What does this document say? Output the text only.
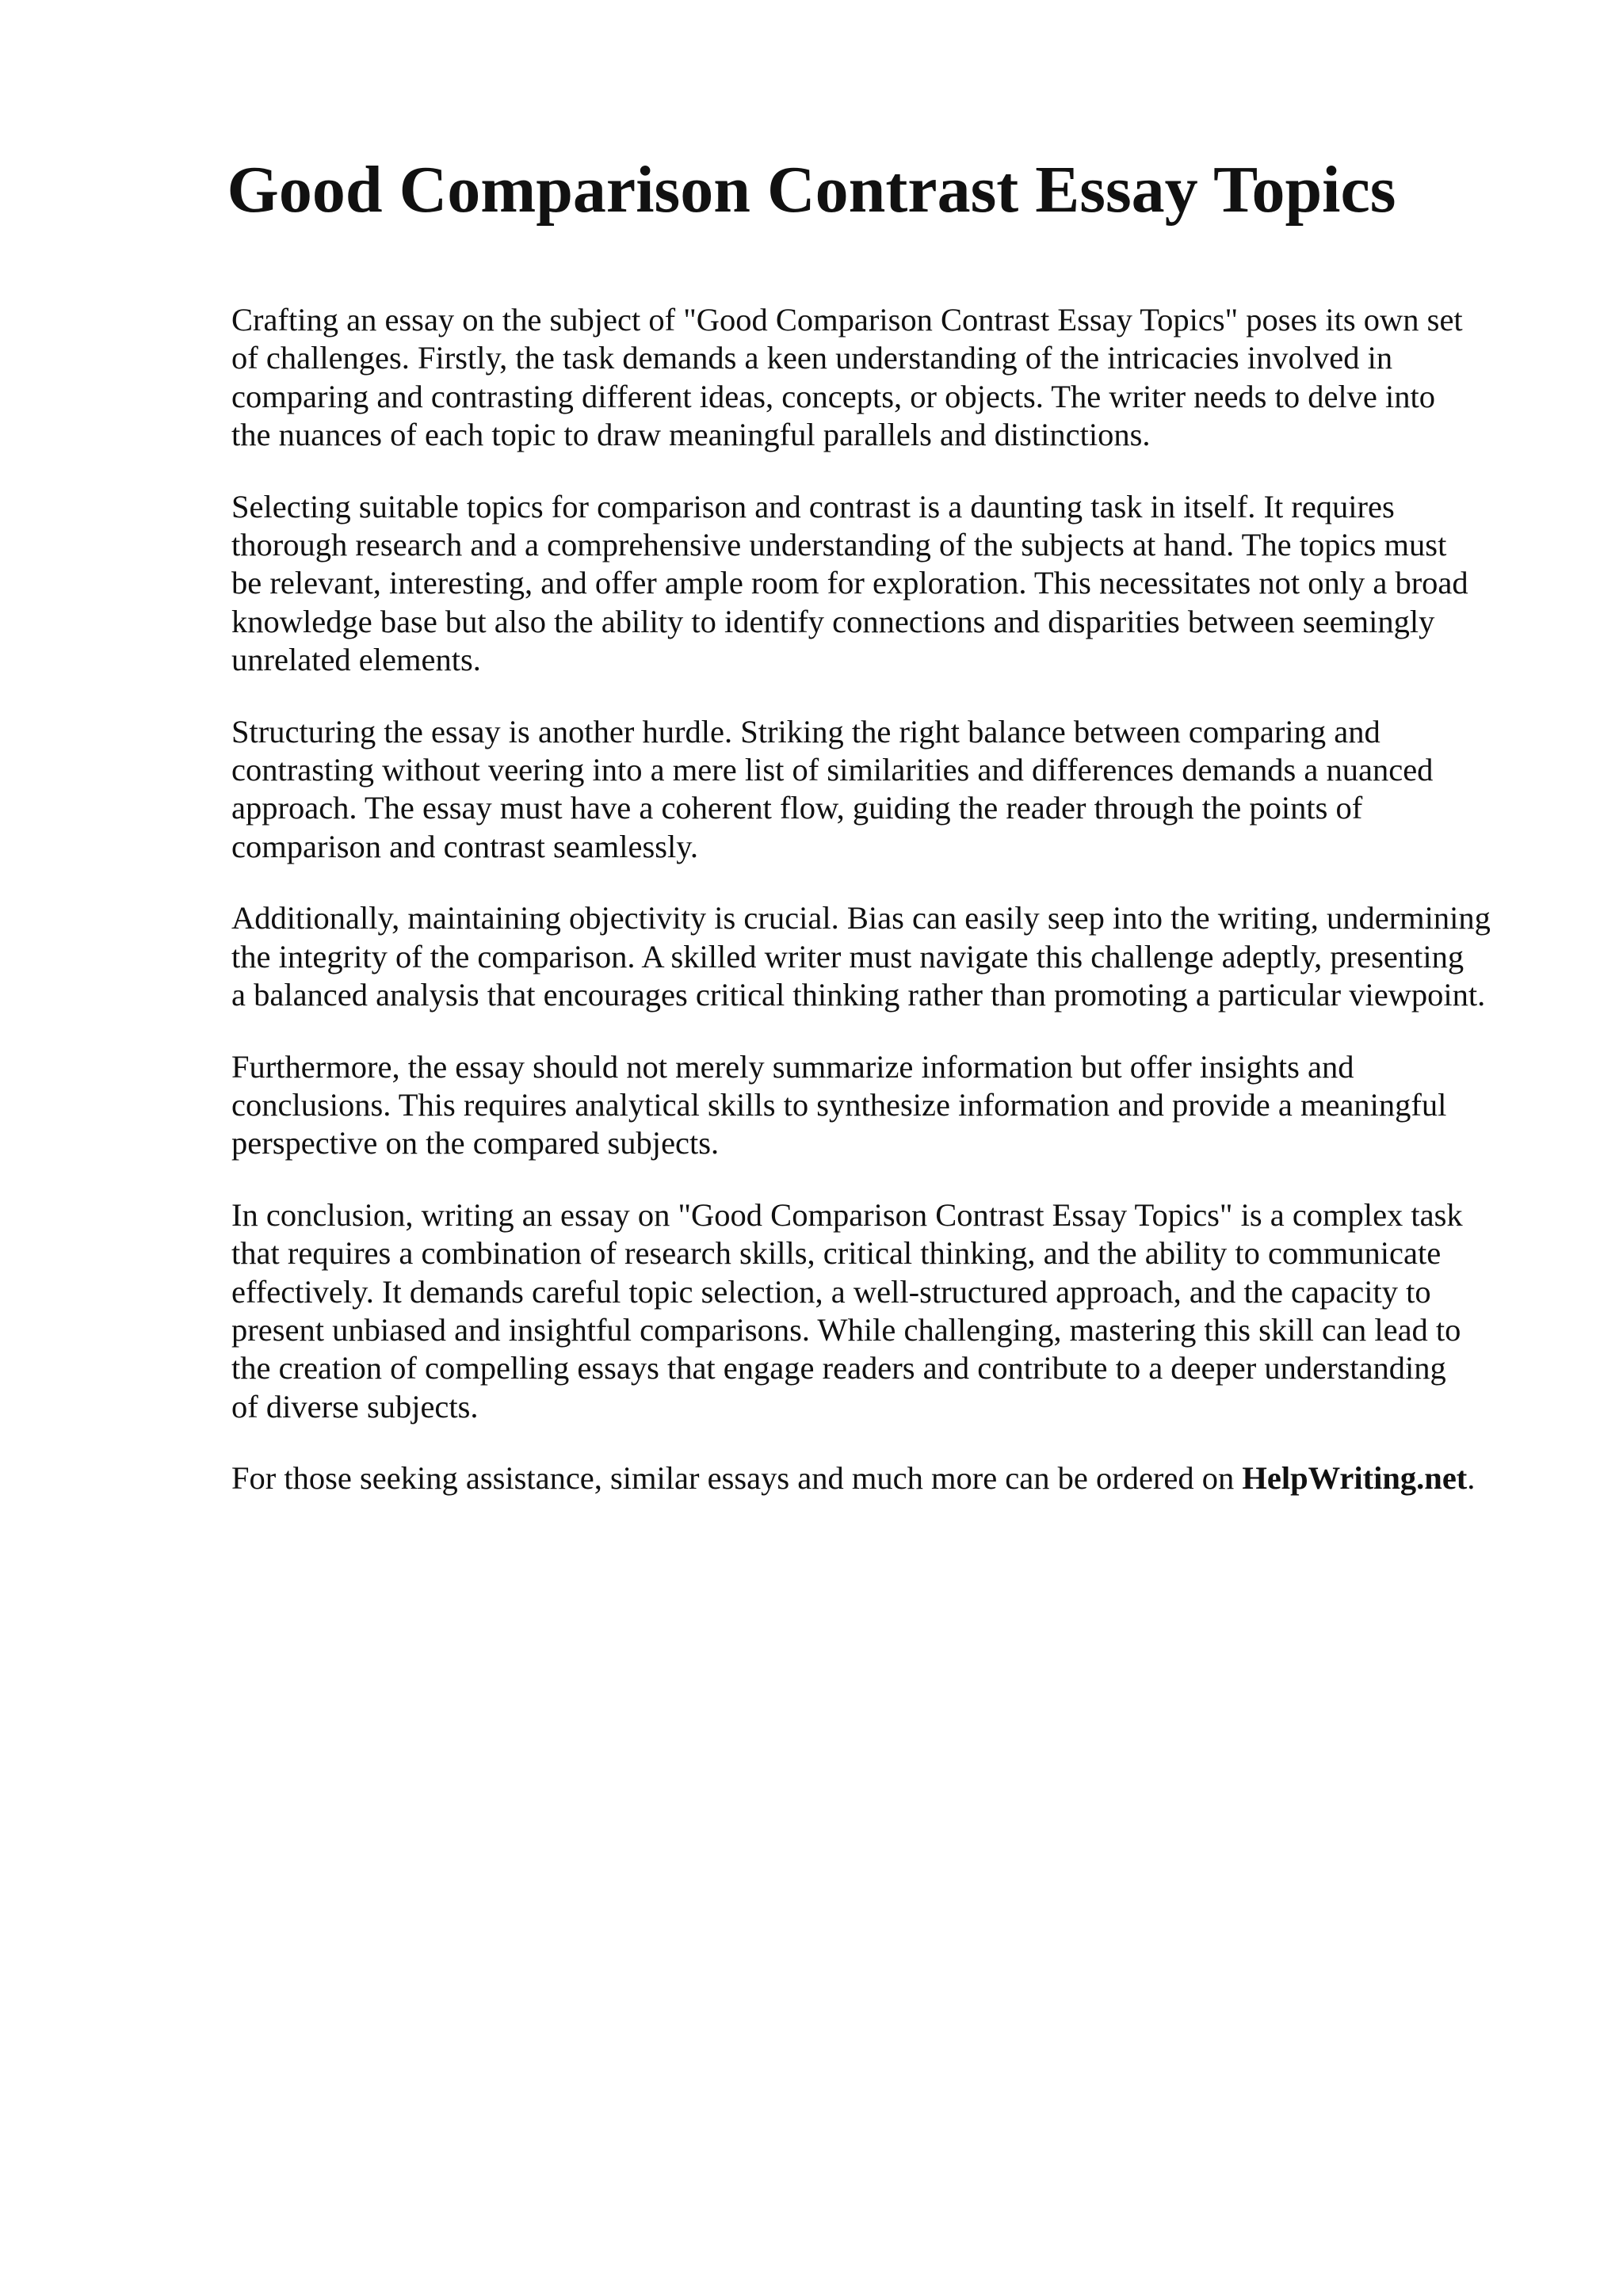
Good Comparison Contrast Essay Topics

Crafting an essay on the subject of "Good Comparison Contrast Essay Topics" poses its own set
of challenges. Firstly, the task demands a keen understanding of the intricacies involved in
comparing and contrasting different ideas, concepts, or objects. The writer needs to delve into
the nuances of each topic to draw meaningful parallels and distinctions.

Selecting suitable topics for comparison and contrast is a daunting task in itself. It requires
thorough research and a comprehensive understanding of the subjects at hand. The topics must
be relevant, interesting, and offer ample room for exploration. This necessitates not only a broad
knowledge base but also the ability to identify connections and disparities between seemingly
unrelated elements.

Structuring the essay is another hurdle. Striking the right balance between comparing and
contrasting without veering into a mere list of similarities and differences demands a nuanced
approach. The essay must have a coherent flow, guiding the reader through the points of
comparison and contrast seamlessly.

Additionally, maintaining objectivity is crucial. Bias can easily seep into the writing, undermining
the integrity of the comparison. A skilled writer must navigate this challenge adeptly, presenting
a balanced analysis that encourages critical thinking rather than promoting a particular viewpoint.

Furthermore, the essay should not merely summarize information but offer insights and
conclusions. This requires analytical skills to synthesize information and provide a meaningful
perspective on the compared subjects.

In conclusion, writing an essay on "Good Comparison Contrast Essay Topics" is a complex task
that requires a combination of research skills, critical thinking, and the ability to communicate
effectively. It demands careful topic selection, a well-structured approach, and the capacity to
present unbiased and insightful comparisons. While challenging, mastering this skill can lead to
the creation of compelling essays that engage readers and contribute to a deeper understanding
of diverse subjects.

For those seeking assistance, similar essays and much more can be ordered on HelpWriting.net.
